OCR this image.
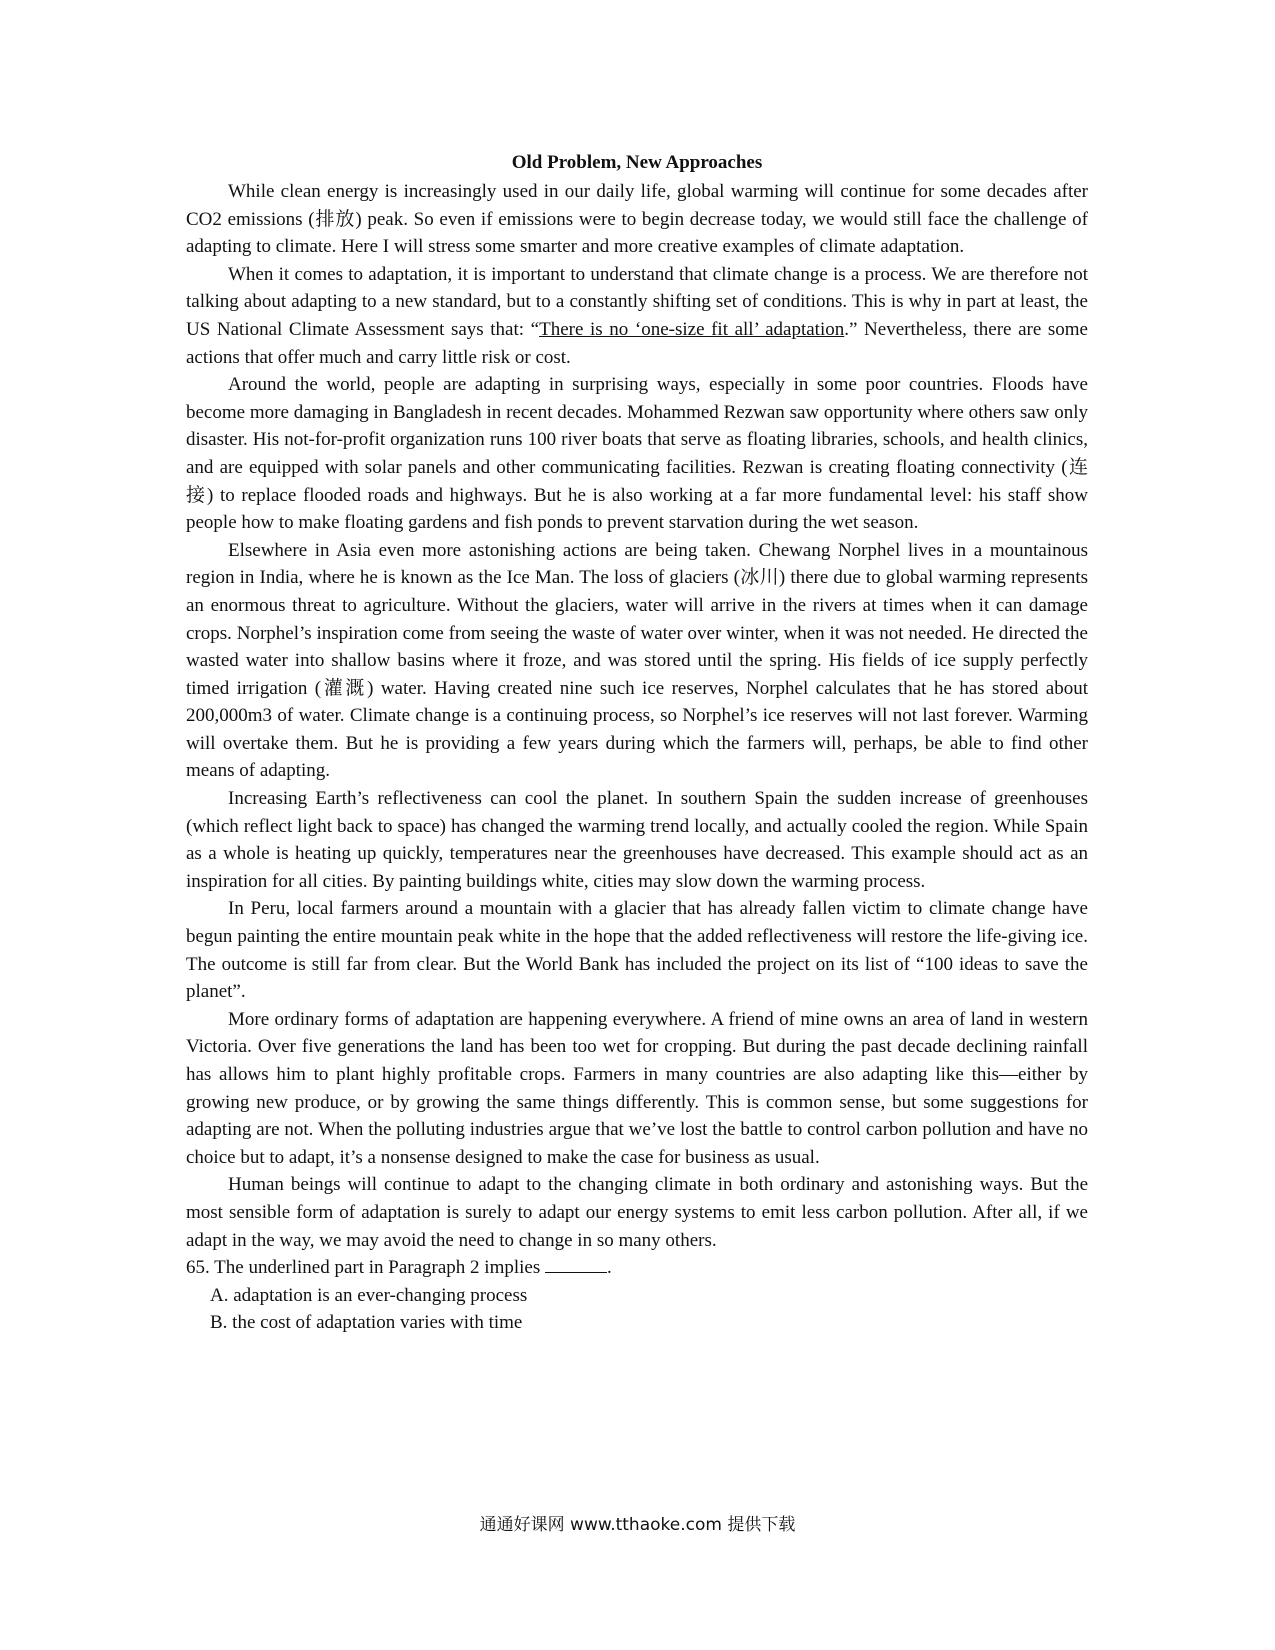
Old Problem, New Approaches

While clean energy is increasingly used in our daily life, global warming will continue for some decades after CO2 emissions (排放) peak. So even if emissions were to begin decrease today, we would still face the challenge of adapting to climate. Here I will stress some smarter and more creative examples of climate adaptation.

When it comes to adaptation, it is important to understand that climate change is a process. We are therefore not talking about adapting to a new standard, but to a constantly shifting set of conditions. This is why in part at least, the US National Climate Assessment says that: “There is no ‘one-size fit all’ adaptation.” Nevertheless, there are some actions that offer much and carry little risk or cost.

Around the world, people are adapting in surprising ways, especially in some poor countries. Floods have become more damaging in Bangladesh in recent decades. Mohammed Rezwan saw opportunity where others saw only disaster. His not-for-profit organization runs 100 river boats that serve as floating libraries, schools, and health clinics, and are equipped with solar panels and other communicating facilities. Rezwan is creating floating connectivity (连接) to replace flooded roads and highways. But he is also working at a far more fundamental level: his staff show people how to make floating gardens and fish ponds to prevent starvation during the wet season.

Elsewhere in Asia even more astonishing actions are being taken. Chewang Norphel lives in a mountainous region in India, where he is known as the Ice Man. The loss of glaciers (冰川) there due to global warming represents an enormous threat to agriculture. Without the glaciers, water will arrive in the rivers at times when it can damage crops. Norphel’s inspiration come from seeing the waste of water over winter, when it was not needed. He directed the wasted water into shallow basins where it froze, and was stored until the spring. His fields of ice supply perfectly timed irrigation (灌溉) water. Having created nine such ice reserves, Norphel calculates that he has stored about 200,000m3 of water. Climate change is a continuing process, so Norphel’s ice reserves will not last forever. Warming will overtake them. But he is providing a few years during which the farmers will, perhaps, be able to find other means of adapting.

Increasing Earth’s reflectiveness can cool the planet. In southern Spain the sudden increase of greenhouses (which reflect light back to space) has changed the warming trend locally, and actually cooled the region. While Spain as a whole is heating up quickly, temperatures near the greenhouses have decreased. This example should act as an inspiration for all cities. By painting buildings white, cities may slow down the warming process.

In Peru, local farmers around a mountain with a glacier that has already fallen victim to climate change have begun painting the entire mountain peak white in the hope that the added reflectiveness will restore the life-giving ice. The outcome is still far from clear. But the World Bank has included the project on its list of “100 ideas to save the planet”.

More ordinary forms of adaptation are happening everywhere. A friend of mine owns an area of land in western Victoria. Over five generations the land has been too wet for cropping. But during the past decade declining rainfall has allows him to plant highly profitable crops. Farmers in many countries are also adapting like this—either by growing new produce, or by growing the same things differently. This is common sense, but some suggestions for adapting are not. When the polluting industries argue that we’ve lost the battle to control carbon pollution and have no choice but to adapt, it’s a nonsense designed to make the case for business as usual.

Human beings will continue to adapt to the changing climate in both ordinary and astonishing ways. But the most sensible form of adaptation is surely to adapt our energy systems to emit less carbon pollution. After all, if we adapt in the way, we may avoid the need to change in so many others.

65. The underlined part in Paragraph 2 implies	.

A. adaptation is an ever-changing process

B. the cost of adaptation varies with time

通通好课网 www.tthaoke.com 提供下载
